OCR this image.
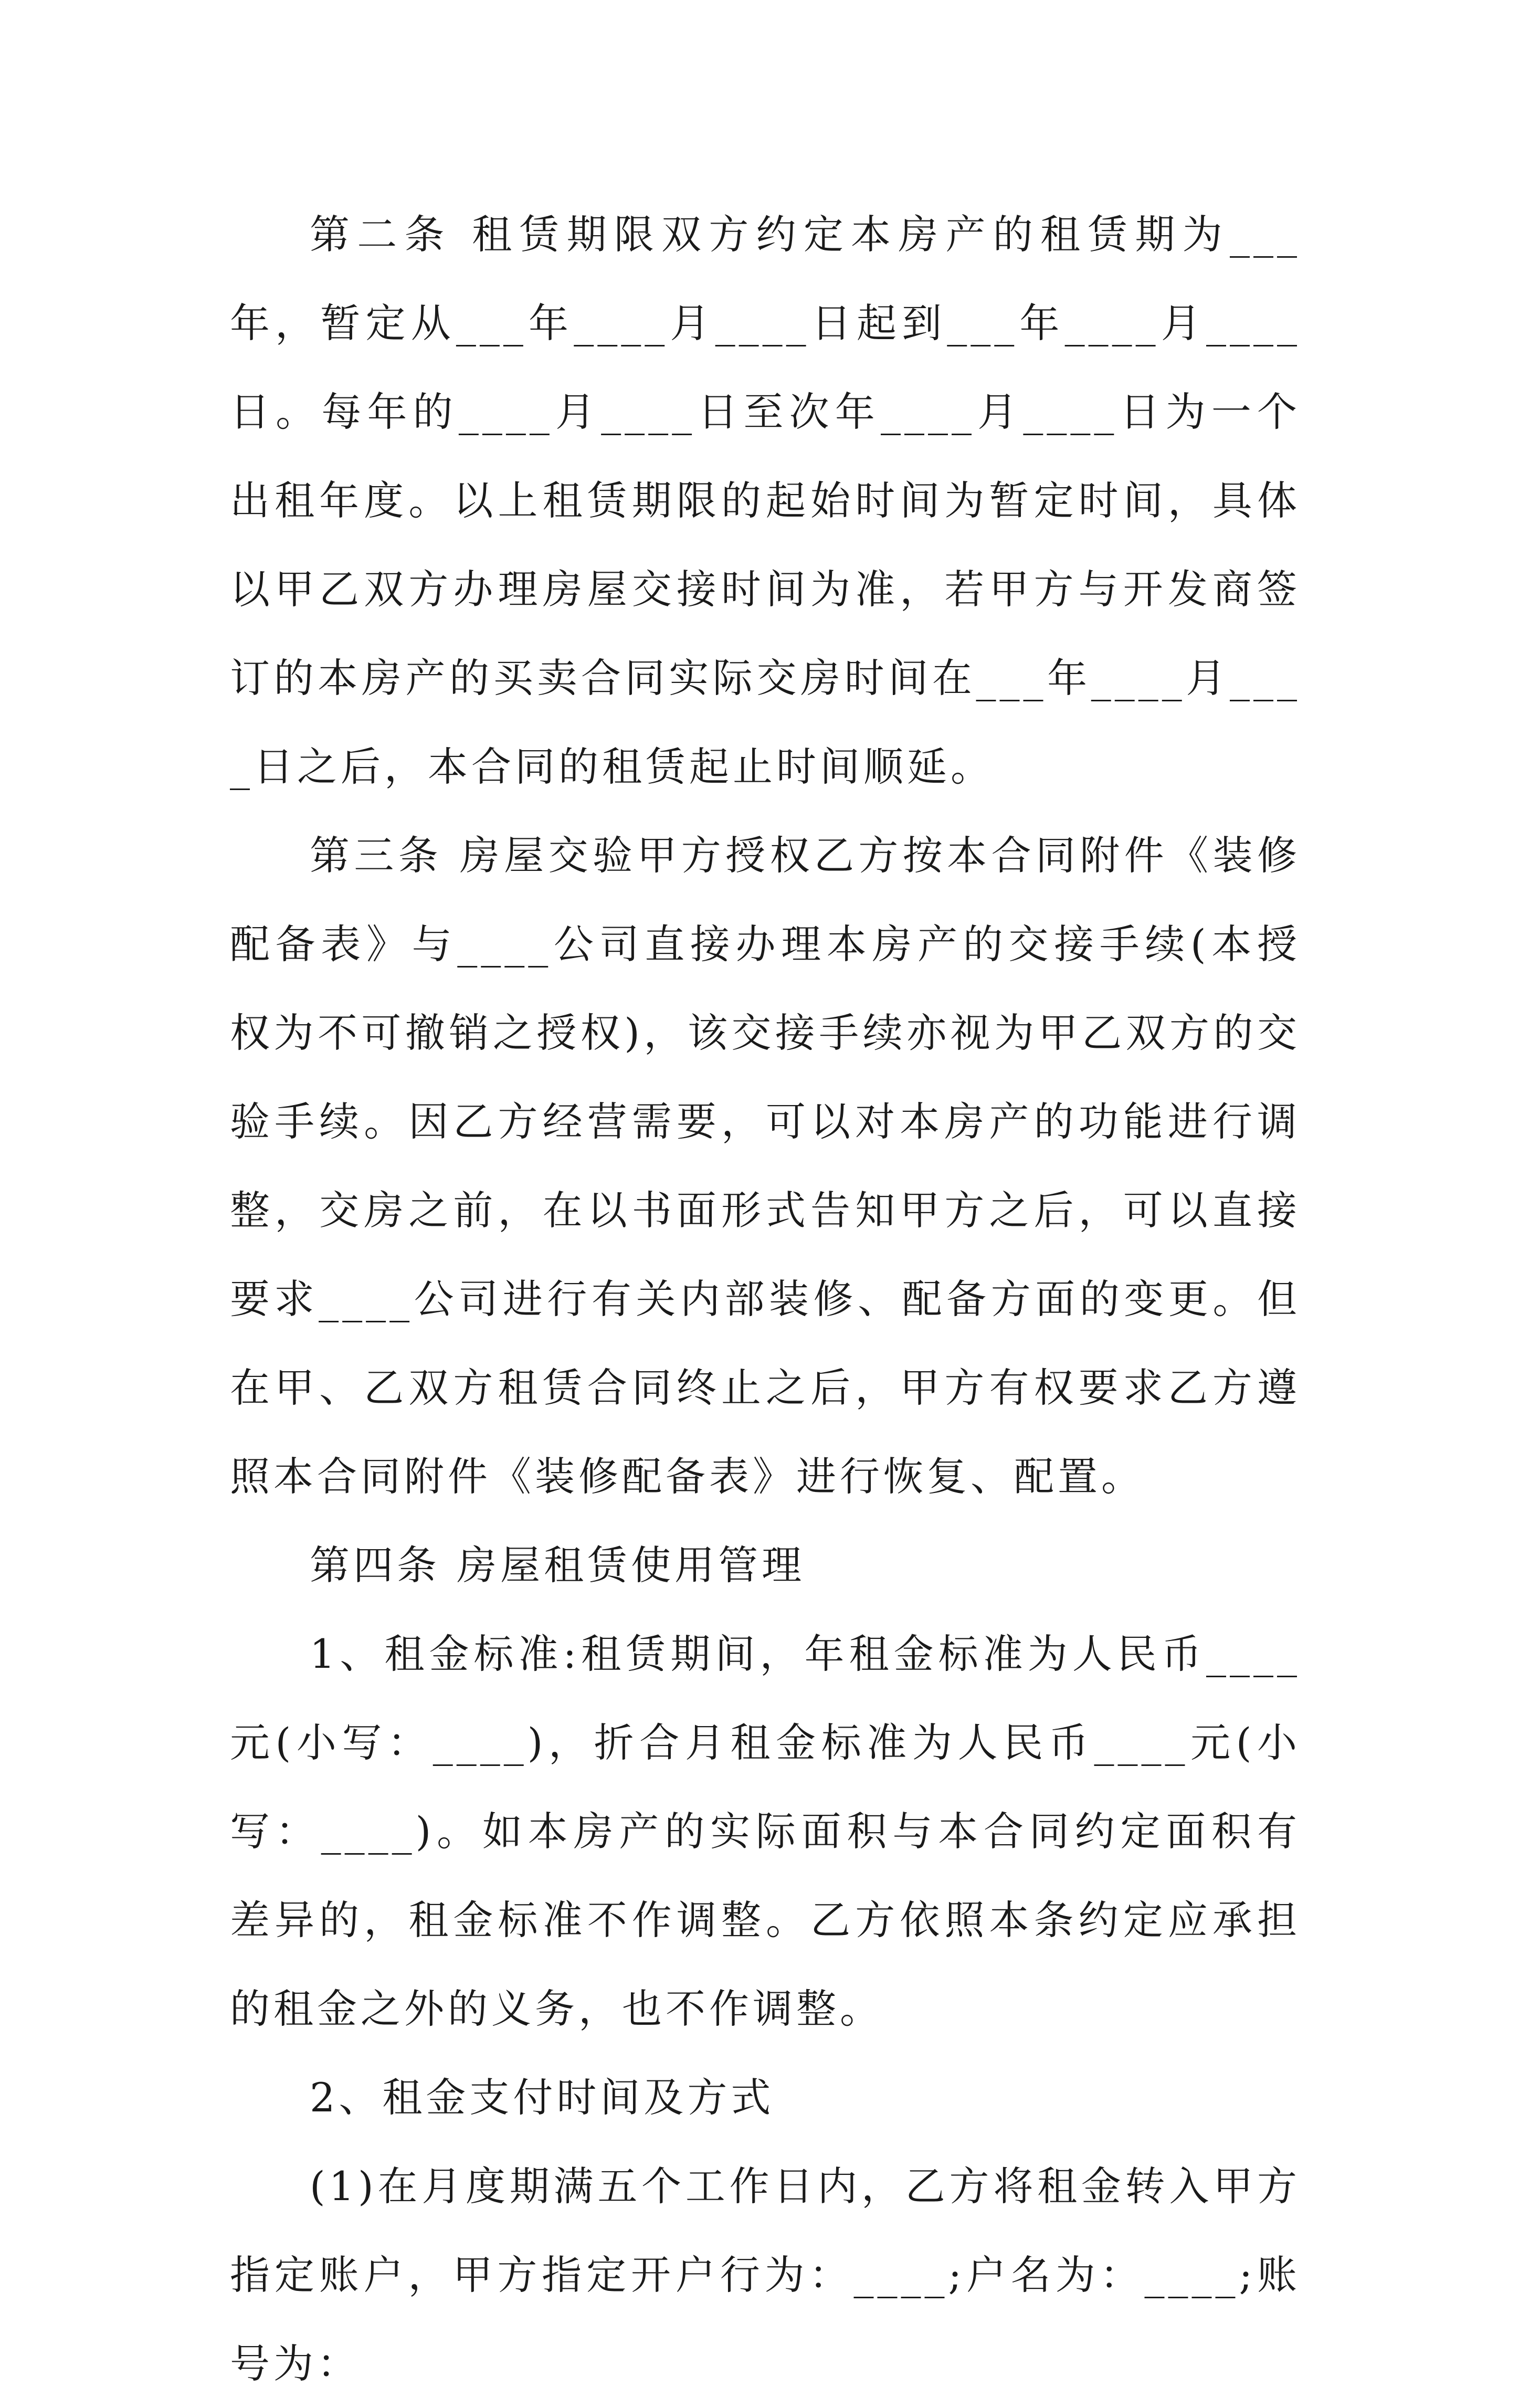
第二条 租赁期限双方约定本房产的租赁期为___年，暂定从___年____月____日起到___年____月____日。每年的____月____日至次年____月____日为一个出租年度。以上租赁期限的起始时间为暂定时间，具体以甲乙双方办理房屋交接时间为准，若甲方与开发商签订的本房产的买卖合同实际交房时间在___年____月____日之后，本合同的租赁起止时间顺延。

第三条 房屋交验甲方授权乙方按本合同附件《装修配备表》与____公司直接办理本房产的交接手续(本授权为不可撤销之授权)，该交接手续亦视为甲乙双方的交验手续。因乙方经营需要，可以对本房产的功能进行调整，交房之前，在以书面形式告知甲方之后，可以直接要求____公司进行有关内部装修、配备方面的变更。但在甲、乙双方租赁合同终止之后，甲方有权要求乙方遵照本合同附件《装修配备表》进行恢复、配置。

第四条 房屋租赁使用管理

1、租金标准:租赁期间，年租金标准为人民币____元(小写：____)，折合月租金标准为人民币____元(小写：____)。如本房产的实际面积与本合同约定面积有差异的，租金标准不作调整。乙方依照本条约定应承担的租金之外的义务，也不作调整。

2、租金支付时间及方式

(1)在月度期满五个工作日内，乙方将租金转入甲方指定账户，甲方指定开户行为：____;户名为：____;账号为：
